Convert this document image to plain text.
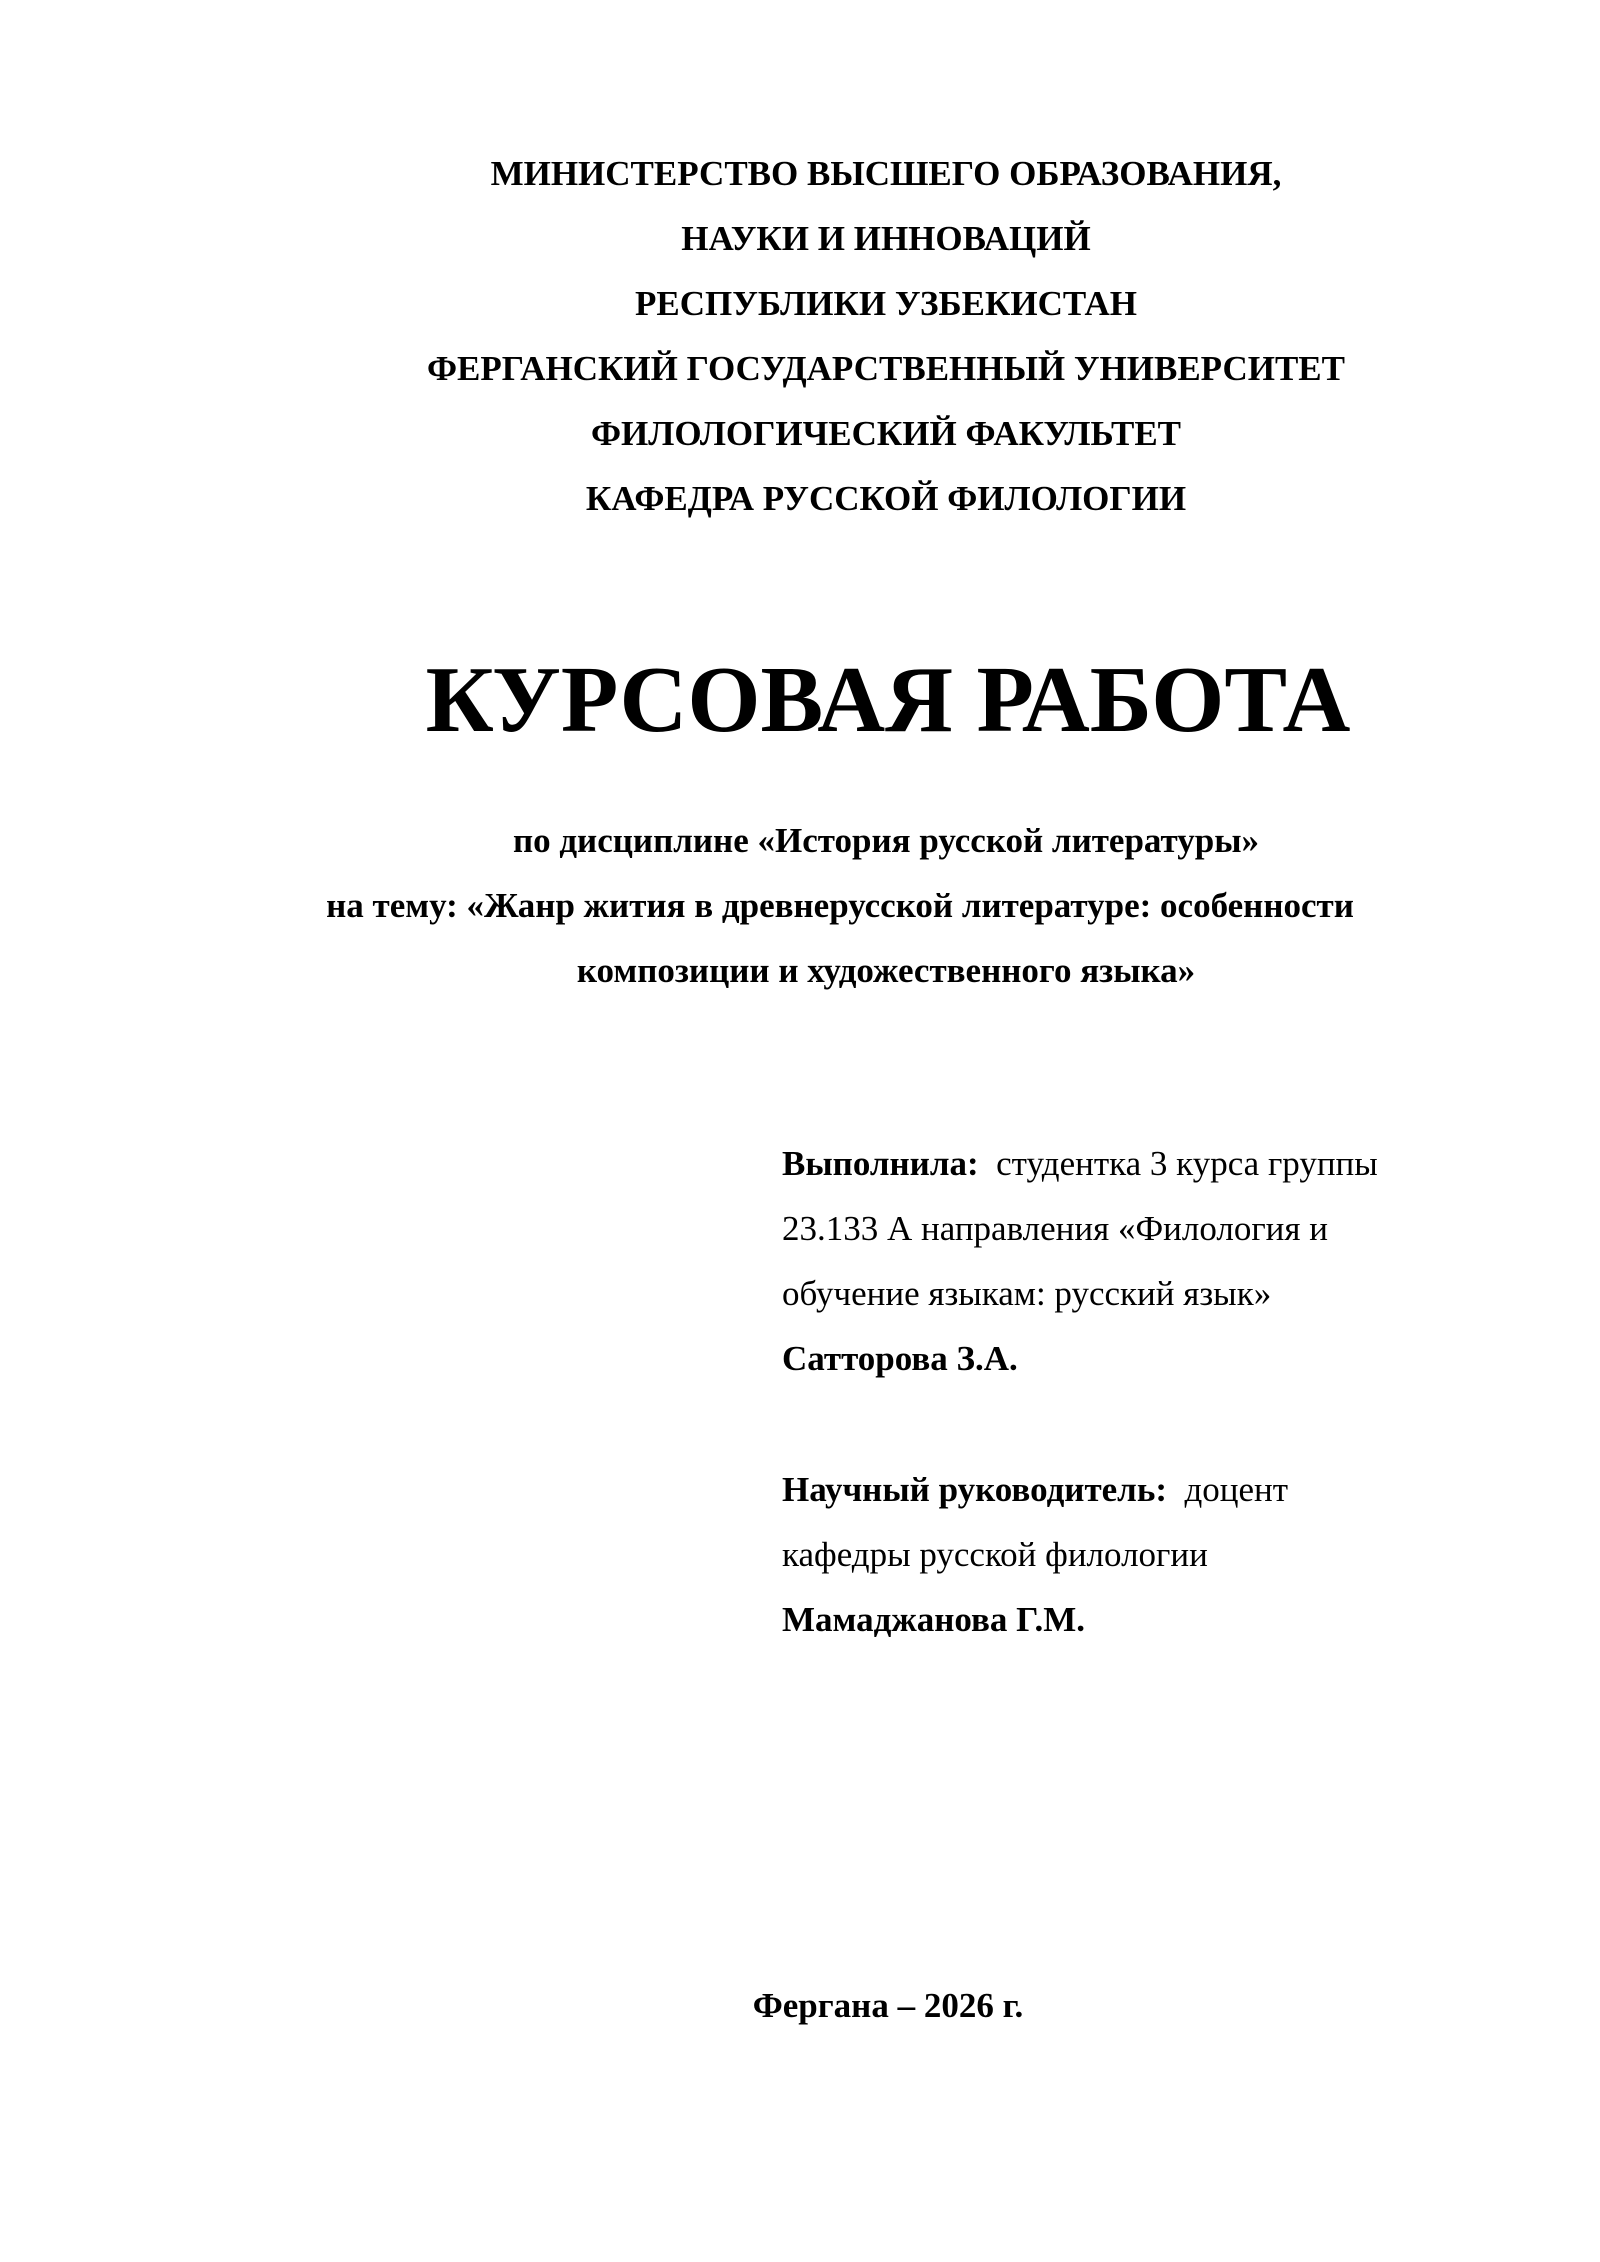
МИНИСТЕРСТВО ВЫСШЕГО ОБРАЗОВАНИЯ,
НАУКИ И ИННОВАЦИЙ
РЕСПУБЛИКИ УЗБЕКИСТАН
ФЕРГАНСКИЙ ГОСУДАРСТВЕННЫЙ УНИВЕРСИТЕТ
ФИЛОЛОГИЧЕСКИЙ ФАКУЛЬТЕТ
КАФЕДРА РУССКОЙ ФИЛОЛОГИИ
КУРСОВАЯ РАБОТА
по дисциплине «История русской литературы»
на тему: «Жанр жития в древнерусской литературе: особенности
композиции и художественного языка»
Выполнила: студентка 3 курса группы
23.133 А направления «Филология и
обучение языкам: русский язык»
Сатторова З.А.
Научный руководитель: доцент
кафедры русской филологии
Мамаджанова Г.М.
Фергана – 2026 г.
